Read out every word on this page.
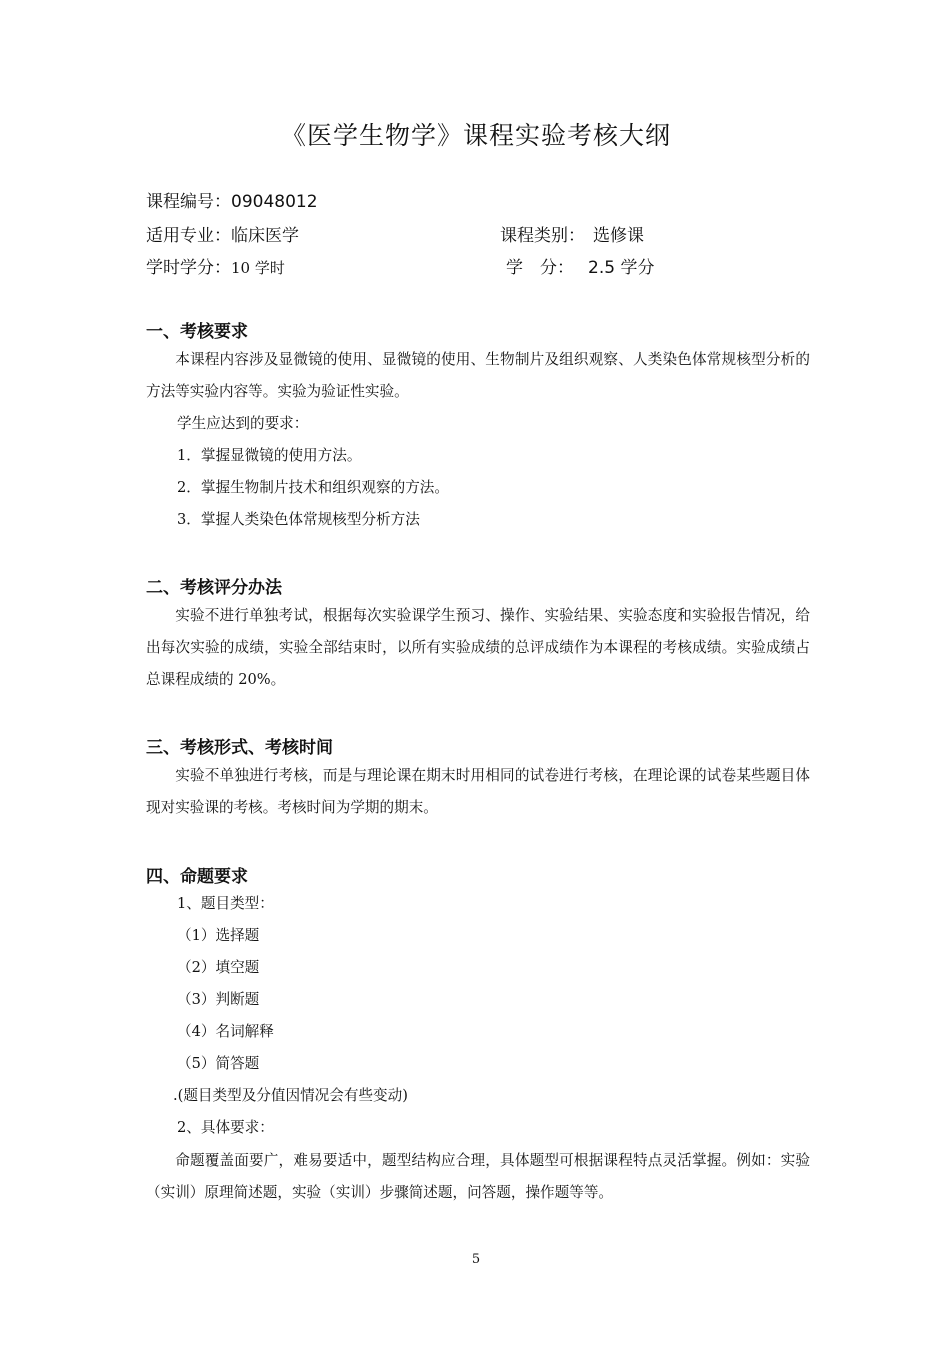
《医学生物学》课程实验考核大纲
课程编号：09048012
适用专业：临床医学	课程类别： 选修课
学时学分：10 学时	学　分： 2.5 学分
一、考核要求

本课程内容涉及显微镜的使用、显微镜的使用、生物制片及组织观察、人类染色体常规核型分析的方法等实验内容等。实验为验证性实验。

学生应达到的要求：
1．掌握显微镜的使用方法。
2．掌握生物制片技术和组织观察的方法。
3．掌握人类染色体常规核型分析方法
二、考核评分办法

实验不进行单独考试，根据每次实验课学生预习、操作、实验结果、实验态度和实验报告情况，给出每次实验的成绩，实验全部结束时，以所有实验成绩的总评成绩作为本课程的考核成绩。实验成绩占总课程成绩的 20%。

三、考核形式、考核时间

实验不单独进行考核，而是与理论课在期末时用相同的试卷进行考核，在理论课的试卷某些题目体现对实验课的考核。考核时间为学期的期末。

四、命题要求
1、题目类型：
（1）选择题
（2）填空题
（3）判断题
（4）名词解释
（5）简答题
.(题目类型及分值因情况会有些变动)
2、具体要求：

命题覆盖面要广，难易要适中，题型结构应合理，具体题型可根据课程特点灵活掌握。例如：实验（实训）原理简述题，实验（实训）步骤简述题，问答题，操作题等等。

5
